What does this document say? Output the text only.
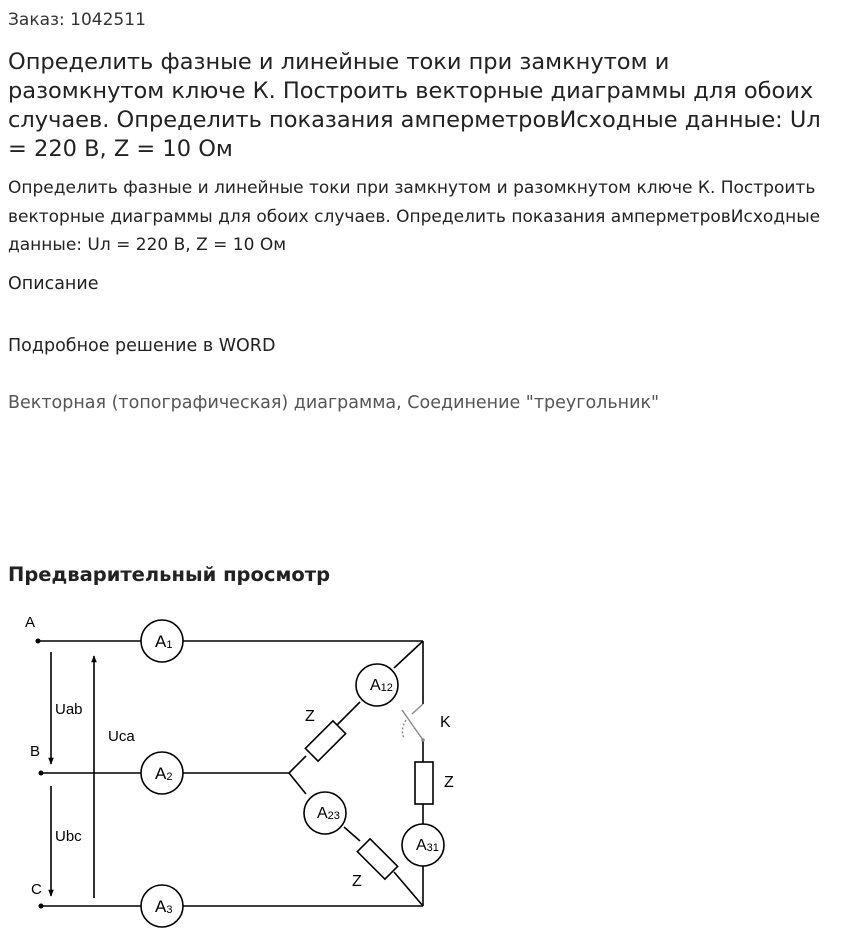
Заказ: 1042511
Определить фазные и линейные токи при замкнутом и разомкнутом ключе К. Построить векторные диаграммы для обоих случаев. Определить показания амперметровИсходные данные: Uл = 220 В, Z = 10 Ом
Определить фазные и линейные токи при замкнутом и разомкнутом ключе К. Построить векторные диаграммы для обоих случаев. Определить показания амперметровИсходные данные: Uл = 220 В, Z = 10 Ом
Описание
Подробное решение в WORD
Векторная (топографическая) диаграмма, Соединение "треугольник"
Предварительный просмотр
A
B
C
Uab
Uca
Ubc
Z
Z
Z
K
A1
A2
A3
A12
A23
A31
